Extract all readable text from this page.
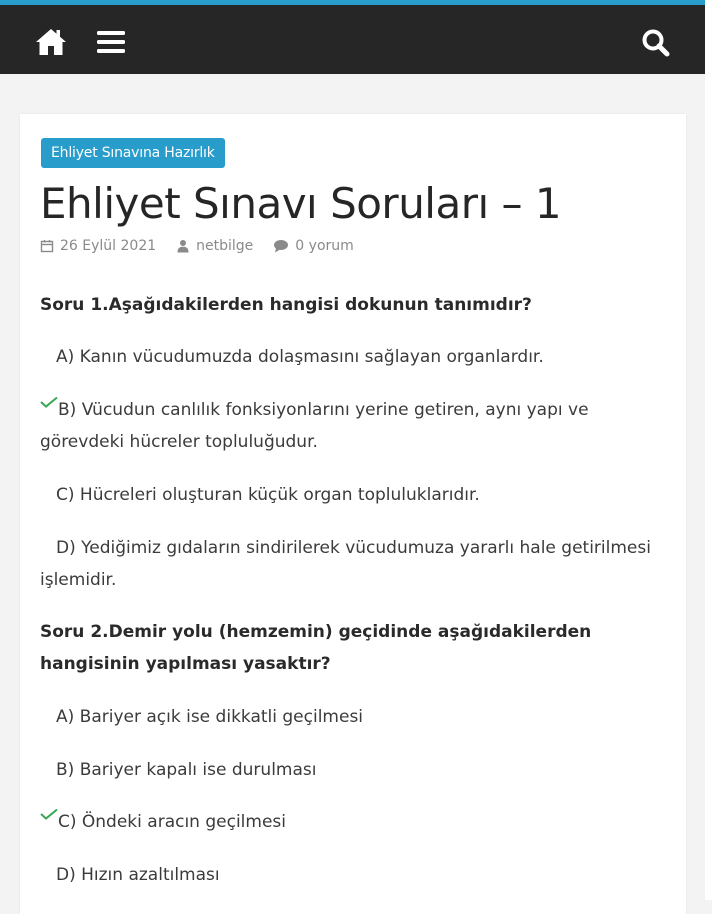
Ehliyet Sınavına Hazırlık
Ehliyet Sınavı Soruları – 1
26 Eylül 2021	netbilge	0 yorum

Soru 1.Aşağıdakilerden hangisi dokunun tanımıdır?

A) Kanın vücudumuzda dolaşmasını sağlayan organlardır.

B) Vücudun canlılık fonksiyonlarını yerine getiren, aynı yapı ve görevdeki hücreler topluluğudur.

C) Hücreleri oluşturan küçük organ topluluklarıdır.

D) Yediğimiz gıdaların sindirilerek vücudumuza yararlı hale getirilmesi işlemidir.

Soru 2.Demir yolu (hemzemin) geçidinde aşağıdakilerden hangisinin yapılması yasaktır?

A) Bariyer açık ise dikkatli geçilmesi

B) Bariyer kapalı ise durulması

C) Öndeki aracın geçilmesi

D) Hızın azaltılması
